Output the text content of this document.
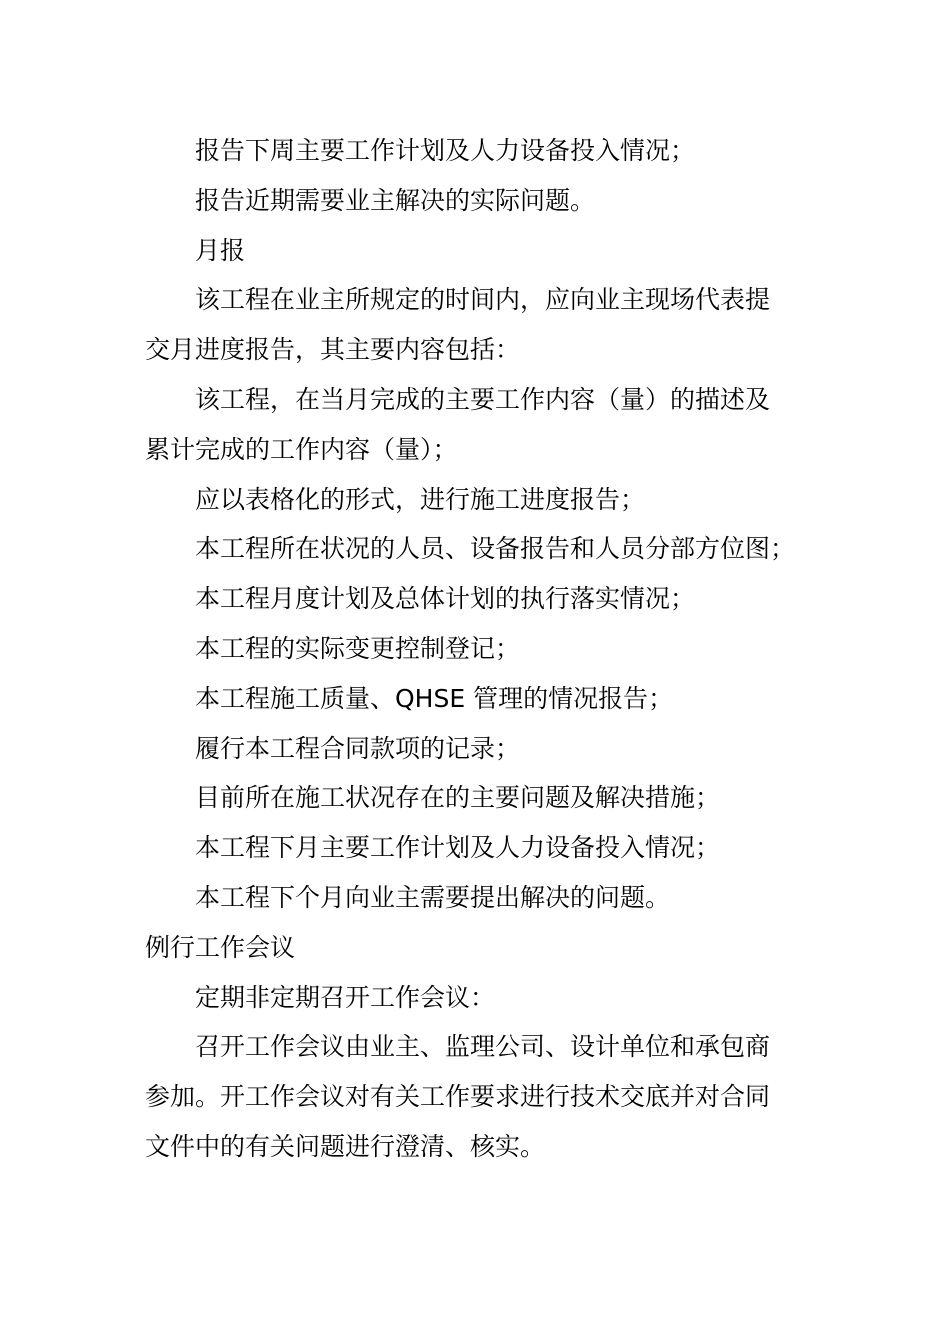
报告下周主要工作计划及人力设备投入情况；
报告近期需要业主解决的实际问题。
月报
该工程在业主所规定的时间内，应向业主现场代表提
交月进度报告，其主要内容包括：
该工程，在当月完成的主要工作内容（量）的描述及
累计完成的工作内容（量）；
应以表格化的形式，进行施工进度报告；
本工程所在状况的人员、设备报告和人员分部方位图；
本工程月度计划及总体计划的执行落实情况；
本工程的实际变更控制登记；
本工程施工质量、QHSE 管理的情况报告；
履行本工程合同款项的记录；
目前所在施工状况存在的主要问题及解决措施；
本工程下月主要工作计划及人力设备投入情况；
本工程下个月向业主需要提出解决的问题。
例行工作会议
定期非定期召开工作会议：
召开工作会议由业主、监理公司、设计单位和承包商
参加。开工作会议对有关工作要求进行技术交底并对合同
文件中的有关问题进行澄清、核实。
